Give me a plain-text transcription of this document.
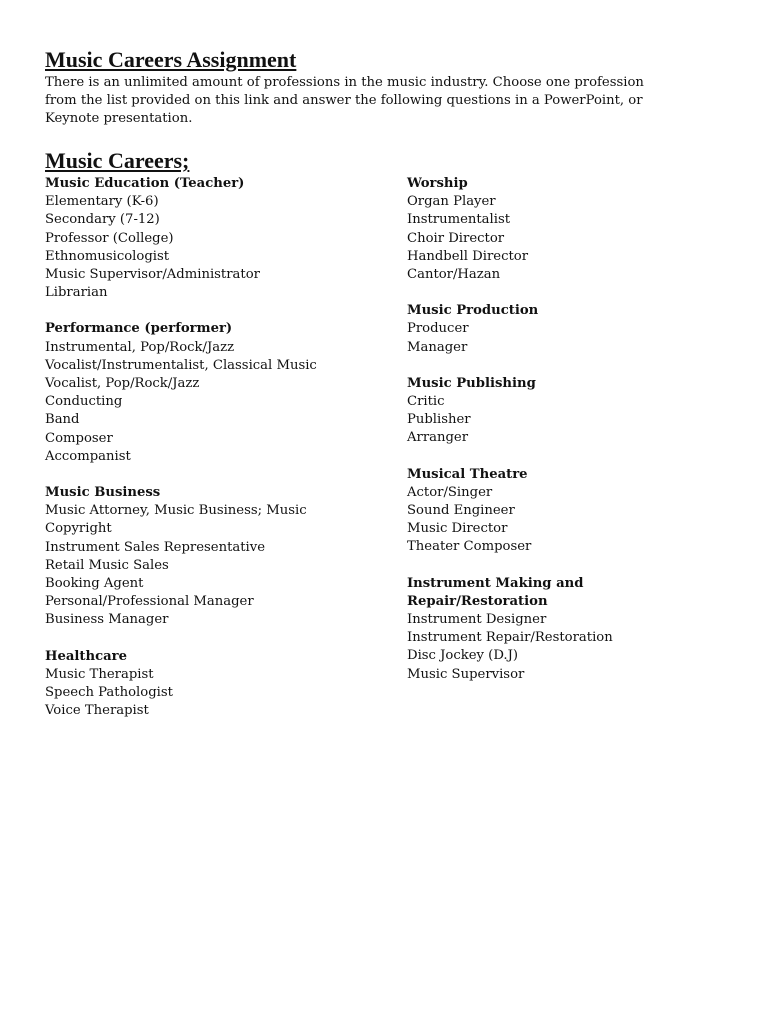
Music Careers Assignment

There is an unlimited amount of professions in the music industry. Choose one profession
from the list provided on this link and answer the following questions in a PowerPoint, or
Keynote presentation.

Music Careers;
Music Education (Teacher)
Elementary (K-6)
Secondary (7-12)
Professor (College)
Ethnomusicologist
Music Supervisor/Administrator
Librarian
Performance (performer)
Instrumental, Pop/Rock/Jazz
Vocalist/Instrumentalist, Classical Music
Vocalist, Pop/Rock/Jazz
Conducting
Band
Composer
Accompanist
Music Business
Music Attorney, Music Business; Music
Copyright
Instrument Sales Representative
Retail Music Sales
Booking Agent
Personal/Professional Manager
Business Manager
Healthcare
Music Therapist
Speech Pathologist
Voice Therapist
Worship
Organ Player
Instrumentalist
Choir Director
Handbell Director
Cantor/Hazan
Music Production
Producer
Manager
Music Publishing
Critic
Publisher
Arranger
Musical Theatre
Actor/Singer
Sound Engineer
Music Director
Theater Composer
Instrument Making and
Repair/Restoration
Instrument Designer
Instrument Repair/Restoration
Disc Jockey (D.J)
Music Supervisor
